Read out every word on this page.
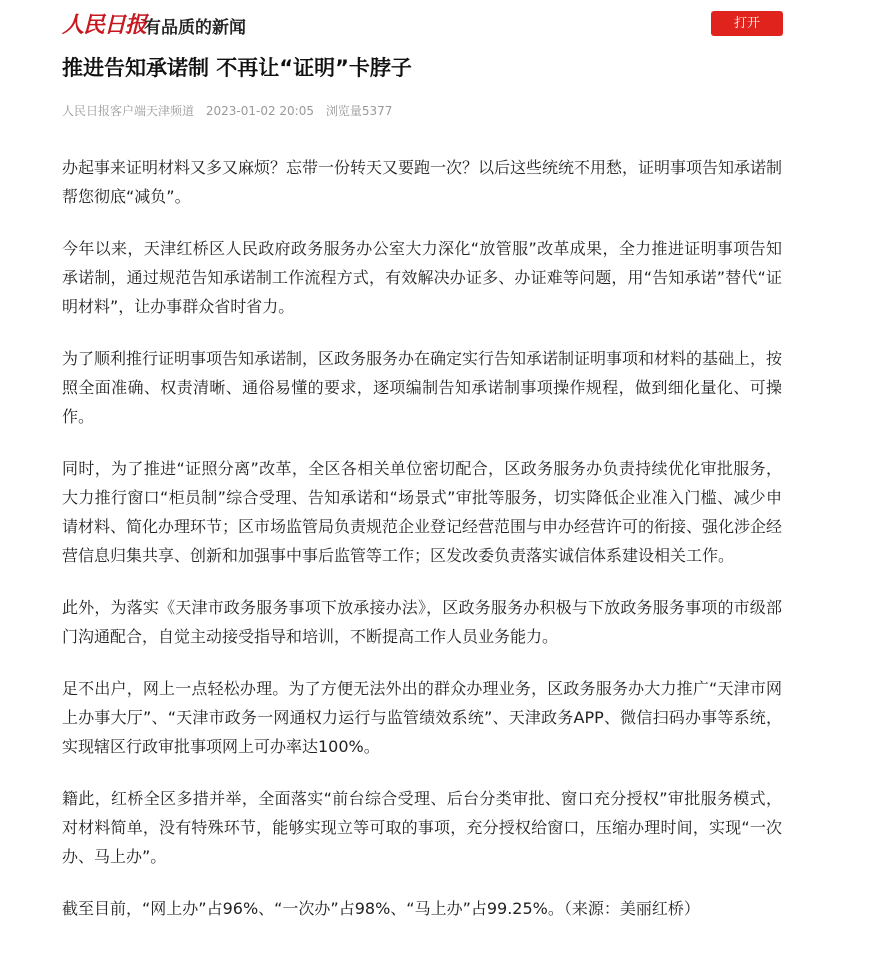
人民日报
有品质的新闻	打开
推进告知承诺制 不再让“证明”卡脖子
人民日报客户端天津频道 2023-01-02 20:05 浏览量5377

办起事来证明材料又多又麻烦？忘带一份转天又要跑一次？以后这些统统不用愁，证明事项告知承诺制帮您彻底“减负”。

今年以来，天津红桥区人民政府政务服务办公室大力深化“放管服”改革成果，全力推进证明事项告知承诺制，通过规范告知承诺制工作流程方式，有效解决办证多、办证难等问题，用“告知承诺”替代“证明材料”，让办事群众省时省力。

为了顺利推行证明事项告知承诺制，区政务服务办在确定实行告知承诺制证明事项和材料的基础上，按照全面准确、权责清晰、通俗易懂的要求，逐项编制告知承诺制事项操作规程，做到细化量化、可操作。

同时，为了推进“证照分离”改革，全区各相关单位密切配合，区政务服务办负责持续优化审批服务，大力推行窗口“柜员制”综合受理、告知承诺和“场景式”审批等服务，切实降低企业准入门槛、减少申请材料、简化办理环节；区市场监管局负责规范企业登记经营范围与申办经营许可的衔接、强化涉企经营信息归集共享、创新和加强事中事后监管等工作；区发改委负责落实诚信体系建设相关工作。

此外，为落实《天津市政务服务事项下放承接办法》，区政务服务办积极与下放政务服务事项的市级部门沟通配合，自觉主动接受指导和培训，不断提高工作人员业务能力。

足不出户，网上一点轻松办理。为了方便无法外出的群众办理业务，区政务服务办大力推广“天津市网上办事大厅”、“天津市政务一网通权力运行与监管绩效系统”、天津政务APP、微信扫码办事等系统，实现辖区行政审批事项网上可办率达100%。

籍此，红桥全区多措并举，全面落实“前台综合受理、后台分类审批、窗口充分授权”审批服务模式，对材料简单，没有特殊环节，能够实现立等可取的事项，充分授权给窗口，压缩办理时间，实现“一次办、马上办”。

截至目前，“网上办”占96%、“一次办”占98%、“马上办”占99.25%。（来源：美丽红桥）
